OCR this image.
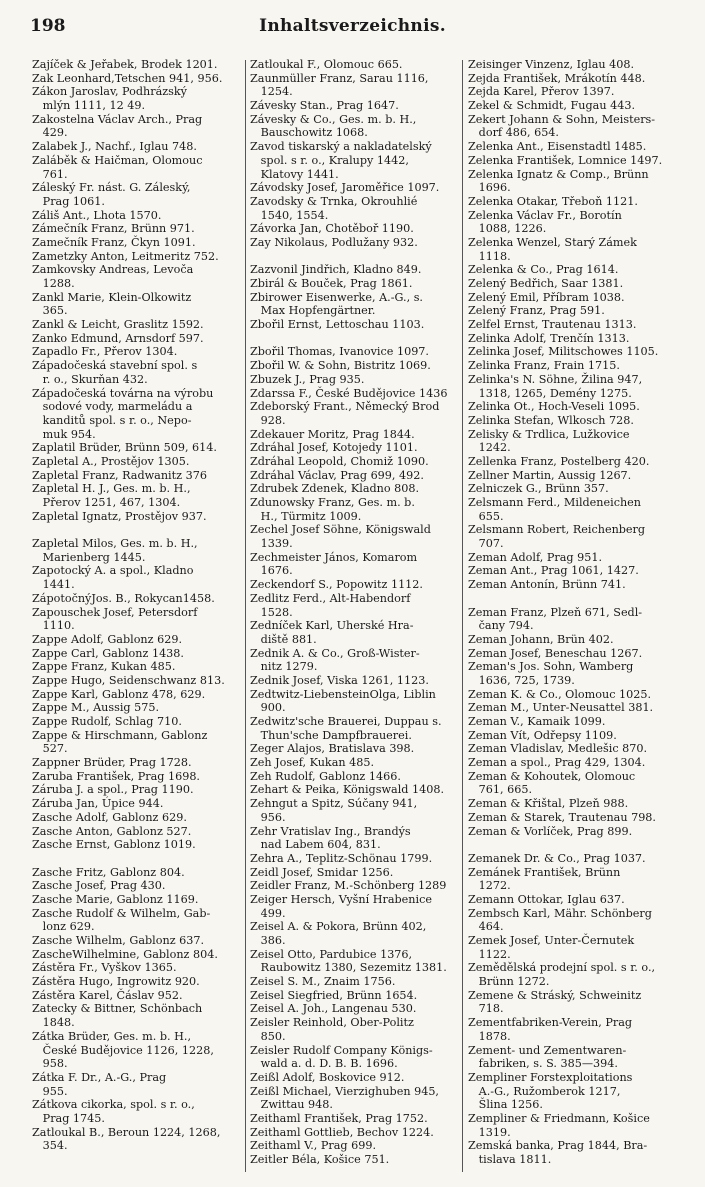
198	Inhaltsverzeichnis.
Zajíček & Jeřabek, Brodek 1201.
Zak Leonhard,Tetschen 941, 956.
Zákon Jaroslav, Podhrázský
mlýn 1111, 12 49.
Zakostelna Václav Arch., Prag
429.
Zalabek J., Nachf., Iglau 748.
Zaláběk & Haičman, Olomouc
761.
Záleský Fr. nást. G. Záleský,
Prag 1061.
Záliš Ant., Lhota 1570.
Zámečník Franz, Brünn 971.
Zamečník Franz, Čkyn 1091.
Zametzky Anton, Leitmeritz 752.
Zamkovsky Andreas, Levoča
1288.
Zankl Marie, Klein-Olkowitz
365.
Zankl & Leicht, Graslitz 1592.
Zanko Edmund, Arnsdorf 597.
Zapadlo Fr., Přerov 1304.
Západočeská stavební spol. s
r. o., Skurňan 432.
Západočeská továrna na výrobu
sodové vody, marmeládu a
kanditů spol. s r. o., Nepo-
muk 954.
Zaplatil Brüder, Brünn 509, 614.
Zapletal A., Prostějov 1305.
Zapletal Franz, Radwanitz 376
Zapletal H. J., Ges. m. b. H.,
Přerov 1251, 467, 1304.
Zapletal Ignatz, Prostějov 937.
Zapletal Milos, Ges. m. b. H.,
Marienberg 1445.
Zapotocký A. a spol., Kladno
1441.
ZápotočnýJos. B., Rokycan1458.
Zapouschek Josef, Petersdorf
1110.
Zappe Adolf, Gablonz 629.
Zappe Carl, Gablonz 1438.
Zappe Franz, Kukan 485.
Zappe Hugo, Seidenschwanz 813.
Zappe Karl, Gablonz 478, 629.
Zappe M., Aussig 575.
Zappe Rudolf, Schlag 710.
Zappe & Hirschmann, Gablonz
527.
Zappner Brüder, Prag 1728.
Zaruba František, Prag 1698.
Záruba J. a spol., Prag 1190.
Záruba Jan, Úpice 944.
Zasche Adolf, Gablonz 629.
Zasche Anton, Gablonz 527.
Zasche Ernst, Gablonz 1019.
Zasche Fritz, Gablonz 804.
Zasche Josef, Prag 430.
Zasche Marie, Gablonz 1169.
Zasche Rudolf & Wilhelm, Gab-
lonz 629.
Zasche Wilhelm, Gablonz 637.
ZascheWilhelmine, Gablonz 804.
Zástěra Fr., Vyškov 1365.
Zástěra Hugo, Ingrowitz 920.
Zástěra Karel, Čáslav 952.
Zatecky & Bittner, Schönbach
1848.
Zátka Brüder, Ges. m. b. H.,
České Budějovice 1126, 1228,
958.
Zátka F. Dr., A.-G., Prag
955.
Zátkova cikorka, spol. s r. o.,
Prag 1745.
Zatloukal B., Beroun 1224, 1268,
354.
Zatloukal F., Olomouc 665.
Zaunmüller Franz, Sarau 1116,
1254.
Závesky Stan., Prag 1647.
Závesky & Co., Ges. m. b. H.,
Bauschowitz 1068.
Zavod tiskarský a nakladatelský
spol. s r. o., Kralupy 1442,
Klatovy 1441.
Závodsky Josef, Jaroměřice 1097.
Zavodsky & Trnka, Okrouhlié
1540, 1554.
Závorka Jan, Chotěboř 1190.
Zay Nikolaus, Podlužany 932.
Zazvonil Jindřich, Kladno 849.
Zbirál & Bouček, Prag 1861.
Zbirower Eisenwerke, A.-G., s.
Max Hopfengärtner.
Zbořil Ernst, Lettoschau 1103.
Zbořil Thomas, Ivanovice 1097.
Zbořil W. & Sohn, Bistritz 1069.
Zbuzek J., Prag 935.
Zdarssa F., České Budějovice 1436
Zdeborský Frant., Německý Brod
928.
Zdekauer Moritz, Prag 1844.
Zdráhal Josef, Kotojedy 1101.
Zdráhal Leopold, Chomiž 1090.
Zdráhal Václav, Prag 699, 492.
Zdrubek Zdenek, Kladno 808.
Zdunowsky Franz, Ges. m. b.
H., Türmitz 1009.
Zechel Josef Söhne, Königswald
1339.
Zechmeister János, Komarom
1676.
Zeckendorf S., Popowitz 1112.
Zedlitz Ferd., Alt-Habendorf
1528.
Zedníček Karl, Uherské Hra-
diště 881.
Zednik A. & Co., Groß-Wister-
nitz 1279.
Zednik Josef, Viska 1261, 1123.
Zedtwitz-LiebensteinOlga, Liblin
900.
Zedwitz'sche Brauerei, Duppau s.
Thun'sche Dampfbrauerei.
Zeger Alajos, Bratislava 398.
Zeh Josef, Kukan 485.
Zeh Rudolf, Gablonz 1466.
Zehart & Peika, Königswald 1408.
Zehngut a Spitz, Súčany 941,
956.
Zehr Vratislav Ing., Brandýs
nad Labem 604, 831.
Zehra A., Teplitz-Schönau 1799.
Zeidl Josef, Smidar 1256.
Zeidler Franz, M.-Schönberg 1289
Zeiger Hersch, Vyšní Hrabenice
499.
Zeisel A. & Pokora, Brünn 402,
386.
Zeisel Otto, Pardubice 1376,
Raubowitz 1380, Sezemitz 1381.
Zeisel S. M., Znaim 1756.
Zeisel Siegfried, Brünn 1654.
Zeisel A. Joh., Langenau 530.
Zeisler Reinhold, Ober-Politz
850.
Zeisler Rudolf Company Königs-
wald a. d. D. B. B. 1696.
Zeißl Adolf, Boskovice 912.
Zeißl Michael, Vierzighuben 945,
Zwittau 948.
Zeithaml František, Prag 1752.
Zeithaml Gottlieb, Bechov 1224.
Zeithaml V., Prag 699.
Zeitler Béla, Košice 751.
Zeisinger Vinzenz, Iglau 408.
Zejda František, Mrákotín 448.
Zejda Karel, Přerov 1397.
Zekel & Schmidt, Fugau 443.
Zekert Johann & Sohn, Meisters-
dorf 486, 654.
Zelenka Ant., Eisenstadtl 1485.
Zelenka František, Lomnice 1497.
Zelenka Ignatz & Comp., Brünn
1696.
Zelenka Otakar, Třeboň 1121.
Zelenka Václav Fr., Borotín
1088, 1226.
Zelenka Wenzel, Starý Zámek
1118.
Zelenka & Co., Prag 1614.
Zelený Bedřich, Saar 1381.
Zelený Emil, Příbram 1038.
Zelený Franz, Prag 591.
Zelfel Ernst, Trautenau 1313.
Zelinka Adolf, Trenčín 1313.
Zelinka Josef, Militschowes 1105.
Zelinka Franz, Frain 1715.
Zelinka's N. Söhne, Žilina 947,
1318, 1265, Demény 1275.
Zelinka Ot., Hoch-Veseli 1095.
Zelinka Stefan, Wlkosch 728.
Zelisky & Trdlica, Lužkovice
1242.
Zellenka Franz, Postelberg 420.
Zellner Martin, Aussig 1267.
Zelniczek G., Brünn 357.
Zelsmann Ferd., Mildeneichen
655.
Zelsmann Robert, Reichenberg
707.
Zeman Adolf, Prag 951.
Zeman Ant., Prag 1061, 1427.
Zeman Antonín, Brünn 741.
Zeman Franz, Plzeň 671, Sedl-
čany 794.
Zeman Johann, Brün 402.
Zeman Josef, Beneschau 1267.
Zeman's Jos. Sohn, Wamberg
1636, 725, 1739.
Zeman K. & Co., Olomouc 1025.
Zeman M., Unter-Neusattel 381.
Zeman V., Kamaik 1099.
Zeman Vít, Odřepsy 1109.
Zeman Vladislav, Medlešic 870.
Zeman a spol., Prag 429, 1304.
Zeman & Kohoutek, Olomouc
761, 665.
Zeman & Křištal, Plzeň 988.
Zeman & Starek, Trautenau 798.
Zeman & Vorlíček, Prag 899.
Zemanek Dr. & Co., Prag 1037.
Zemánek František, Brünn
1272.
Zemann Ottokar, Iglau 637.
Zembsch Karl, Mähr. Schönberg
464.
Zemek Josef, Unter-Černutek
1122.
Zemědělská prodejní spol. s r. o.,
Brünn 1272.
Zemene & Stráský, Schweinitz
718.
Zementfabriken-Verein, Prag
1878.
Zement- und Zementwaren-
fabriken, s. S. 385—394.
Zempliner Forstexploitations
A.-G., Ružomberok 1217,
Šlina 1256.
Zempliner & Friedmann, Košice
1319.
Zemská banka, Prag 1844, Bra-
tislava 1811.
